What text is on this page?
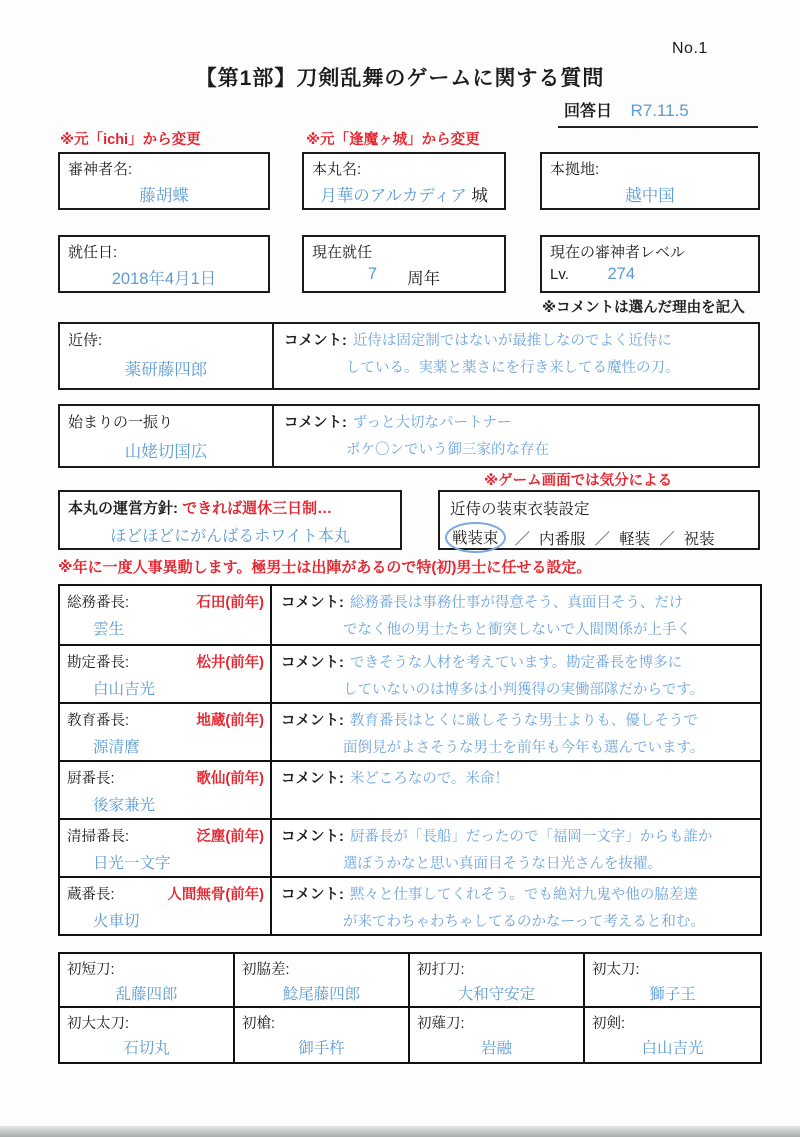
No.1
【第1部】刀剣乱舞のゲームに関する質問
回答日 R7.11.5
※元「ichi」から変更	※元「逢魔ヶ城」から変更
審神者名:
藤胡蝶
本丸名:
月華のアルカディア 城
本拠地:
越中国
就任日:
2018年4月1日
現在就任
7 周年
現在の審神者レベル
Lv. 274
※コメントは選んだ理由を記入
近侍:
薬研藤四郎
コメント: 近侍は固定制ではないが最推しなのでよく近侍に
している。実薬と薬さにを行き来してる魔性の刀。
始まりの一振り
山姥切国広
コメント: ずっと大切なパートナー
ポケ〇ンでいう御三家的な存在
※ゲーム画面では気分による
本丸の運営方針: できれば週休三日制…
ほどほどにがんばるホワイト本丸
近侍の装束衣装設定
戦装束	／ 内番服 ／ 軽装 ／ 祝装
※年に一度人事異動します。極男士は出陣があるので特(初)男士に任せる設定。
総務番長:	石田(前年)
雲生
コメント: 総務番長は事務仕事が得意そう、真面目そう、だけ
でなく他の男士たちと衝突しないで人間関係が上手く
勘定番長:	松井(前年)
白山吉光
コメント: できそうな人材を考えています。勘定番長を博多に
していないのは博多は小判獲得の実働部隊だからです。
教育番長:	地蔵(前年)
源清麿
コメント: 教育番長はとくに厳しそうな男士よりも、優しそうで
面倒見がよさそうな男士を前年も今年も選んでいます。
厨番長:	歌仙(前年)
後家兼光
コメント: 米どころなので。米命！
清掃番長:	泛塵(前年)
日光一文字
コメント: 厨番長が「長船」だったので「福岡一文字」からも誰か
選ぼうかなと思い真面目そうな日光さんを抜擢。
蔵番長:	人間無骨(前年)
火車切
コメント: 黙々と仕事してくれそう。でも絶対九鬼や他の脇差達
が来てわちゃわちゃしてるのかなーって考えると和む。
初短刀:
乱藤四郎
初脇差:
鯰尾藤四郎
初打刀:
大和守安定
初太刀:
獅子王
初大太刀:
石切丸
初槍:
御手杵
初薙刀:
岩融
初剣:
白山吉光
